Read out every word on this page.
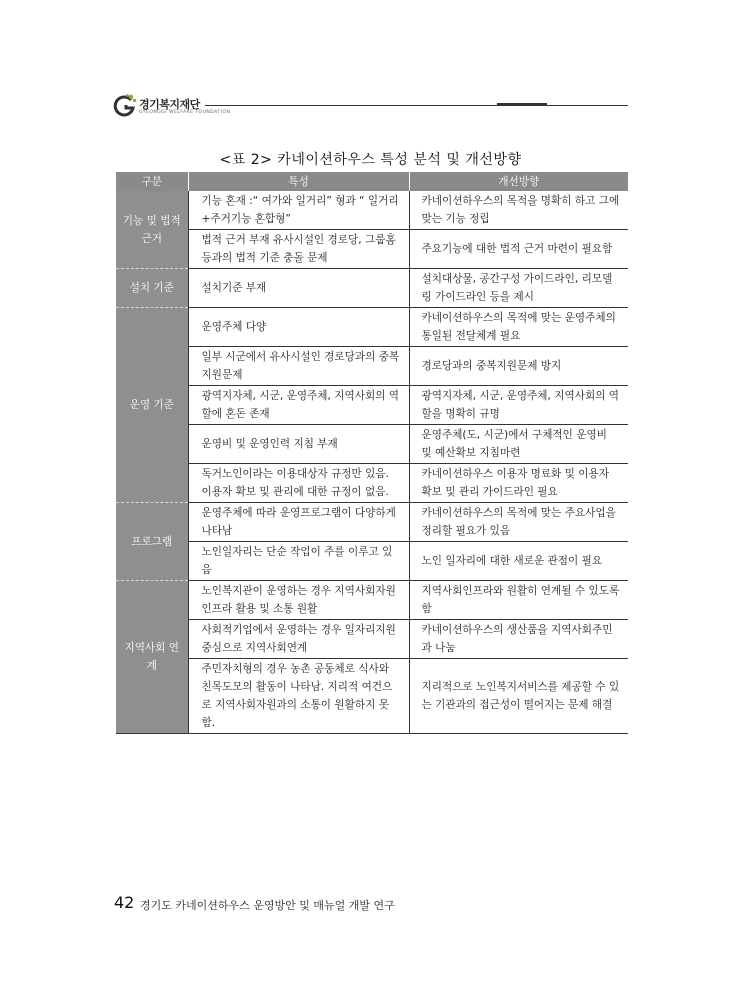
경기복지재단
GYEONGGI WELFARE FOUNDATION
<표 2> 카네이션하우스 특성 분석 및 개선방향
구분	특성	개선방향
기능 및 법적 근거	기능 혼재 :“ 여가와 일거리” 형과 “ 일거리+주거기능 혼합형”	카네이션하우스의 목적을 명확히 하고 그에 맞는 기능 정립
	법적 근거 부재 유사시설인 경로당, 그룹홈 등과의 법적 기준 충돌 문제	주요기능에 대한 법적 근거 마련이 필요함
설치 기준	설치기준 부재	설치대상물, 공간구성 가이드라인, 리모델링 가이드라인 등을 제시
운영 기준	운영주체 다양	카네이션하우스의 목적에 맞는 운영주체의 통일된 전달체계 필요
	일부 시군에서 유사시설인 경로당과의 중복지원문제	경로당과의 중복지원문제 방지
	광역지자체, 시군, 운영주체, 지역사회의 역할에 혼돈 존재	광역지자체, 시군, 운영주체, 지역사회의 역할을 명확히 규명
	운영비 및 운영인력 지침 부재	운영주체(도, 시군)에서 구체적인 운영비 및 예산확보 지침마련
	독거노인이라는 이용대상자 규정만 있음. 이용자 확보 및 관리에 대한 규정이 없음.	카네이션하우스 이용자 명료화 및 이용자 확보 및 관리 가이드라인 필요
프로그램	운영주체에 따라 운영프로그램이 다양하게 나타남	카네이션하우스의 목적에 맞는 주요사업을 정리할 필요가 있음
	노인일자리는 단순 작업이 주를 이루고 있음	노인 일자리에 대한 새로운 관점이 필요
지역사회 연계	노인복지관이 운영하는 경우 지역사회자원 인프라 활용 및 소통 원활	지역사회인프라와 원활히 연계될 수 있도록 함
	사회적기업에서 운영하는 경우 일자리지원 중심으로 지역사회연계	카네이션하우스의 생산품을 지역사회주민과 나눔
	주민자치형의 경우 농촌 공동체로 식사와 친목도모의 활동이 나타남. 지리적 여건으로 지역사회자원과의 소통이 원활하지 못함.	지리적으로 노인복지서비스를 제공할 수 있는 기관과의 접근성이 떨어지는 문제 해결
42 경기도 카네이션하우스 운영방안 및 매뉴얼 개발 연구
